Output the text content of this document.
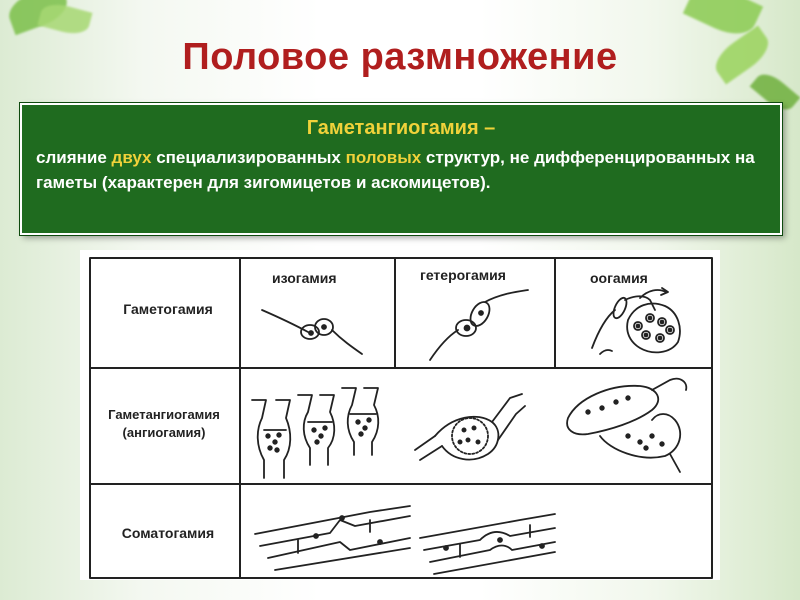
Половое размножение
Гаметангиогамия –
слияние двух специализированных половых структур, не дифференцированных на гаметы (характерен для зигомицетов и аскомицетов).
Гаметогамия
Гаметангиогамия
(ангиогамия)
Соматогамия
изогамия	гетерогамия	оогамия
